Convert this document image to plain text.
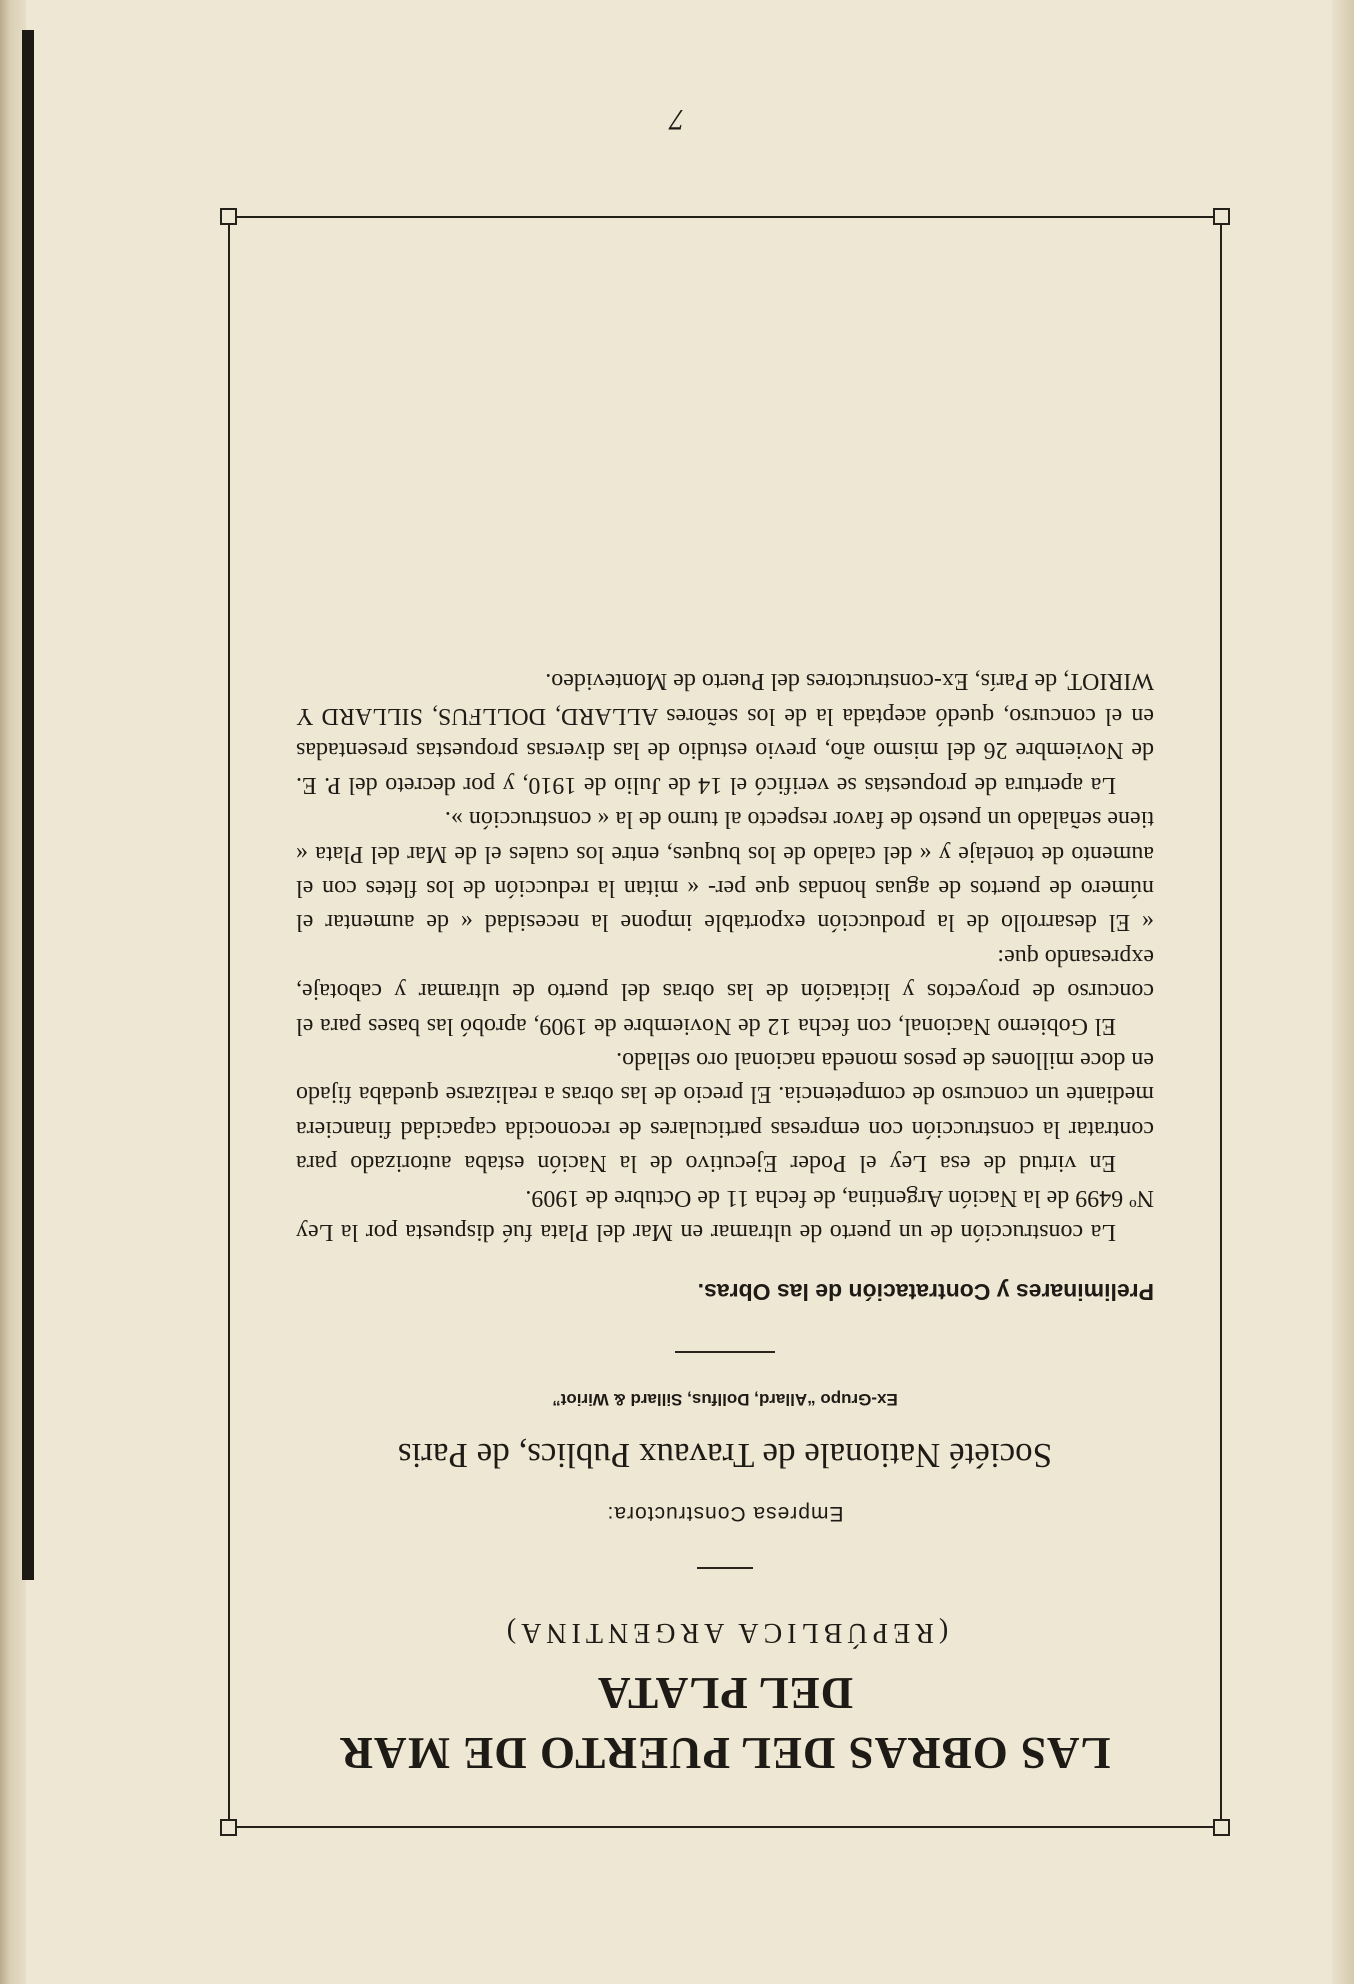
7
LAS OBRAS DEL PUERTO DE MAR DEL PLATA
(REPÚBLICA ARGENTINA)
Empresa Constructora:
Société Nationale de Travaux Publics, de Paris
Ex-Grupo “Allard, Dollfus, Sillard & Wiriot”
Preliminares y Contratación de las Obras.

La construcción de un puerto de ultramar en Mar del Plata fué dispuesta por la Ley Nº 6499 de la Nación Argentina, de fecha 11 de Octubre de 1909.

En virtud de esa Ley el Poder Ejecutivo de la Nación estaba autorizado para contratar la construcción con empresas particulares de reconocida capacidad financiera mediante un concurso de competencia. El precio de las obras a realizarse quedaba fijado en doce millones de pesos moneda nacional oro sellado.

El Gobierno Nacional, con fecha 12 de Noviembre de 1909, aprobó las bases para el concurso de proyectos y licitación de las obras del puerto de ultramar y cabotaje, expresando que:

« El desarrollo de la producción exportable impone la necesidad « de aumentar el número de puertos de aguas hondas que per- « mitan la reducción de los fletes con el aumento de tonelaje y « del calado de los buques, entre los cuales el de Mar del Plata « tiene señalado un puesto de favor respecto al turno de la « construcción ».

La apertura de propuestas se verificó el 14 de Julio de 1910, y por decreto del P. E. de Noviembre 26 del mismo año, previo estudio de las diversas propuestas presentadas en el concurso, quedó aceptada la de los señores ALLARD, DOLLFUS, SILLARD Y WIRIOT, de París, Ex-constructores del Puerto de Montevideo.
